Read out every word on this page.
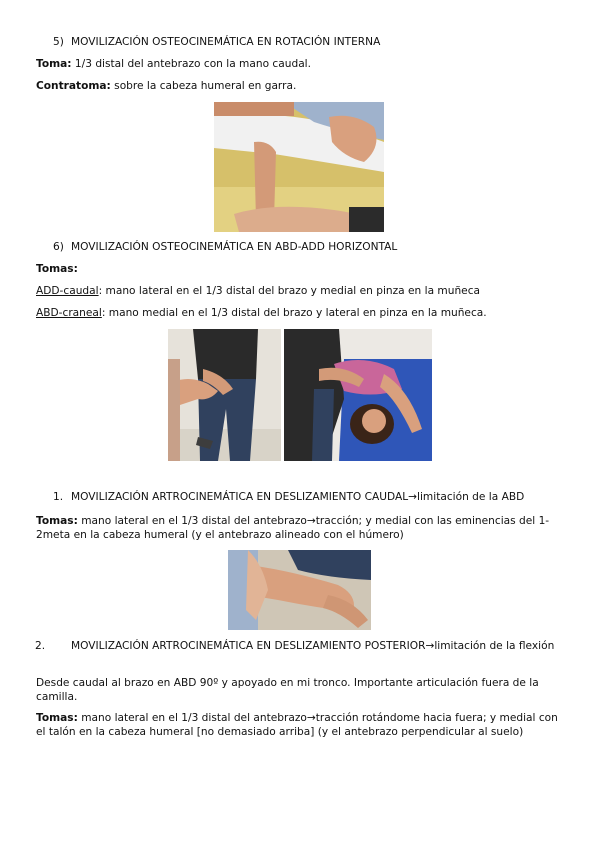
5) MOVILIZACIÓN OSTEOCINEMÁTICA EN ROTACIÓN INTERNA
Toma: 1/3 distal del antebrazo con la mano caudal.
Contratoma: sobre la cabeza humeral en garra.
6) MOVILIZACIÓN OSTEOCINEMÁTICA EN ABD-ADD HORIZONTAL
Tomas:
ADD-caudal: mano lateral en el 1/3 distal del brazo y medial en pinza en la muñeca
ABD-craneal: mano medial en el 1/3 distal del brazo y lateral en pinza en la muñeca.
1. MOVILIZACIÓN ARTROCINEMÁTICA EN DESLIZAMIENTO CAUDAL→limitación de la ABD
Tomas: mano lateral en el 1/3 distal del antebrazo→tracción; y medial con las eminencias del 1-2meta en la cabeza humeral (y el antebrazo alineado con el húmero)
2. MOVILIZACIÓN ARTROCINEMÁTICA EN DESLIZAMIENTO POSTERIOR→limitación de la flexión
Desde caudal al brazo en ABD 90º y apoyado en mi tronco. Importante articulación fuera de la camilla.
Tomas: mano lateral en el 1/3 distal del antebrazo→tracción rotándome hacia fuera; y medial con el talón en la cabeza humeral [no demasiado arriba] (y el antebrazo perpendicular al suelo)
